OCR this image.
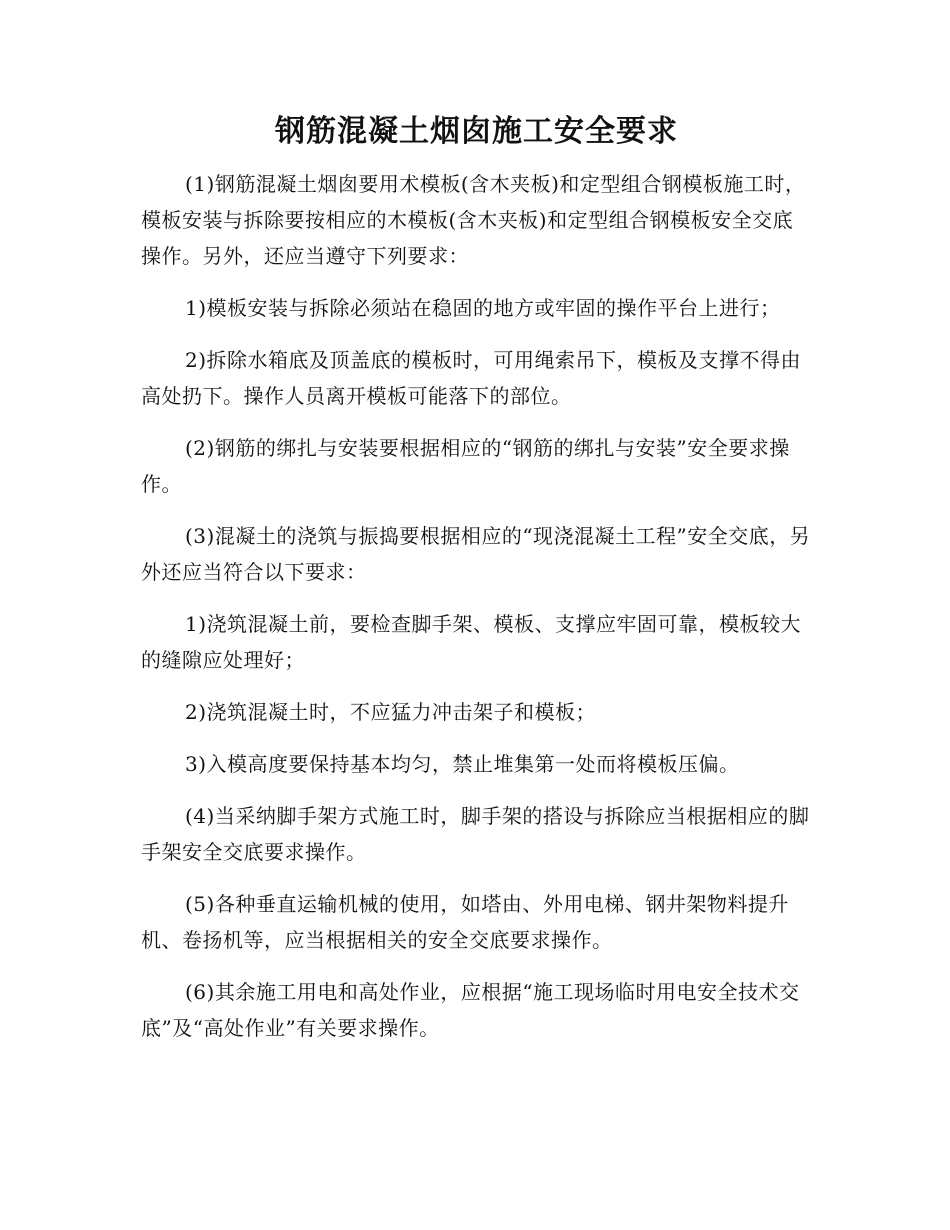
钢筋混凝土烟囱施工安全要求

(1)钢筋混凝土烟囱要用术模板(含木夹板)和定型组合钢模板施工时，模板安装与拆除要按相应的木模板(含木夹板)和定型组合钢模板安全交底操作。另外，还应当遵守下列要求：

1)模板安装与拆除必须站在稳固的地方或牢固的操作平台上进行；

2)拆除水箱底及顶盖底的模板时，可用绳索吊下，模板及支撑不得由高处扔下。操作人员离开模板可能落下的部位。

(2)钢筋的绑扎与安装要根据相应的“钢筋的绑扎与安装”安全要求操作。

(3)混凝土的浇筑与振捣要根据相应的“现浇混凝土工程”安全交底，另外还应当符合以下要求：

1)浇筑混凝土前，要检查脚手架、模板、支撑应牢固可靠，模板较大的缝隙应处理好；

2)浇筑混凝土时，不应猛力冲击架子和模板；

3)入模高度要保持基本均匀，禁止堆集第一处而将模板压偏。

(4)当采纳脚手架方式施工时，脚手架的搭设与拆除应当根据相应的脚手架安全交底要求操作。

(5)各种垂直运输机械的使用，如塔由、外用电梯、钢井架物料提升机、卷扬机等，应当根据相关的安全交底要求操作。

(6)其余施工用电和高处作业，应根据“施工现场临时用电安全技术交底”及“高处作业”有关要求操作。
